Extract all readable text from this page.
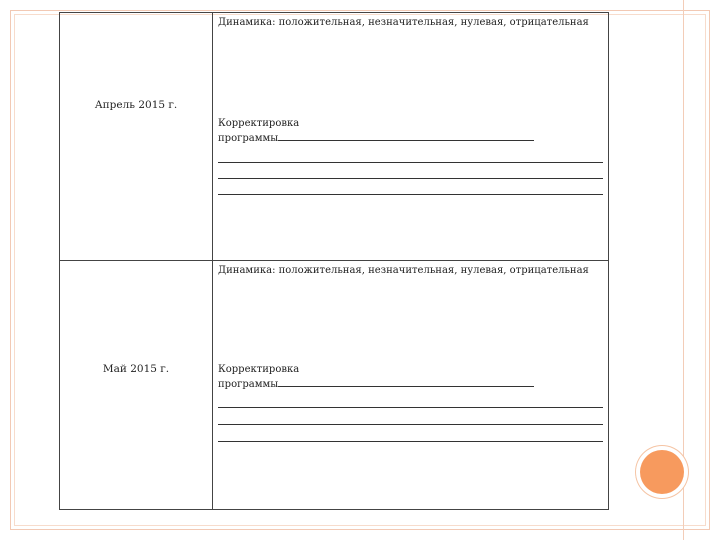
Апрель 2015 г.	Динамика: положительная, незначительная, нулевая, отрицательная
Корректировка
программы

Май 2015 г.	Динамика: положительная, незначительная, нулевая, отрицательная
Корректировка
программы
